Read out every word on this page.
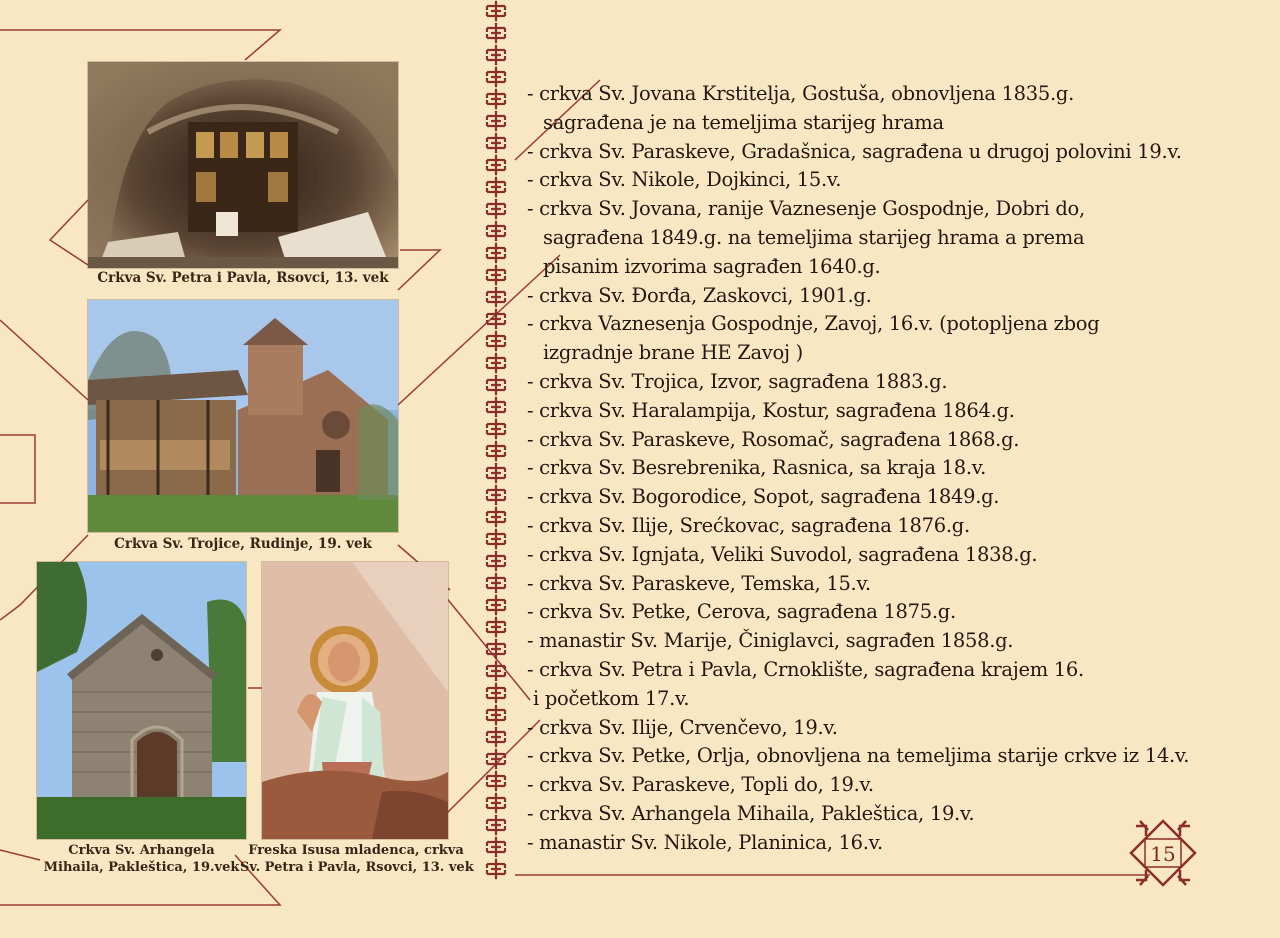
Crkva Sv. Petra i Pavla, Rsovci, 13. vek
Crkva Sv. Trojice, Rudinje, 19. vek
Crkva Sv. Arhangela
Mihaila, Pakleštica, 19.vek
Freska Isusa mladenca, crkva
Sv. Petra i Pavla, Rsovci, 13. vek
- crkva Sv. Jovana Krstitelja, Gostuša, obnovljena 1835.g.
sagrađena je na temeljima starijeg hrama
- crkva Sv. Paraskeve, Gradašnica, sagrađena u drugoj polovini 19.v.
- crkva Sv. Nikole, Dojkinci, 15.v.
- crkva Sv. Jovana, ranije Vaznesenje Gospodnje, Dobri do,
sagrađena 1849.g. na temeljima starijeg hrama a prema
pisanim izvorima sagrađen 1640.g.
- crkva Sv. Đorđa, Zaskovci, 1901.g.
- crkva Vaznesenja Gospodnje, Zavoj, 16.v. (potopljena zbog
izgradnje brane HE Zavoj )
- crkva Sv. Trojica, Izvor, sagrađena 1883.g.
- crkva Sv. Haralampija, Kostur, sagrađena 1864.g.
- crkva Sv. Paraskeve, Rosomač, sagrađena 1868.g.
- crkva Sv. Besrebrenika, Rasnica, sa kraja 18.v.
- crkva Sv. Bogorodice, Sopot, sagrađena 1849.g.
- crkva Sv. Ilije, Srećkovac, sagrađena 1876.g.
- crkva Sv. Ignjata, Veliki Suvodol, sagrađena 1838.g.
- crkva Sv. Paraskeve, Temska, 15.v.
- crkva Sv. Petke, Cerova, sagrađena 1875.g.
- manastir Sv. Marije, Činiglavci, sagrađen 1858.g.
- crkva Sv. Petra i Pavla, Crnoklište, sagrađena krajem 16.
i početkom 17.v.
- crkva Sv. Ilije, Crvenčevo, 19.v.
- crkva Sv. Petke, Orlja, obnovljena na temeljima starije crkve iz 14.v.
- crkva Sv. Paraskeve, Topli do, 19.v.
- crkva Sv. Arhangela Mihaila, Pakleštica, 19.v.
- manastir Sv. Nikole, Planinica, 16.v.	15
